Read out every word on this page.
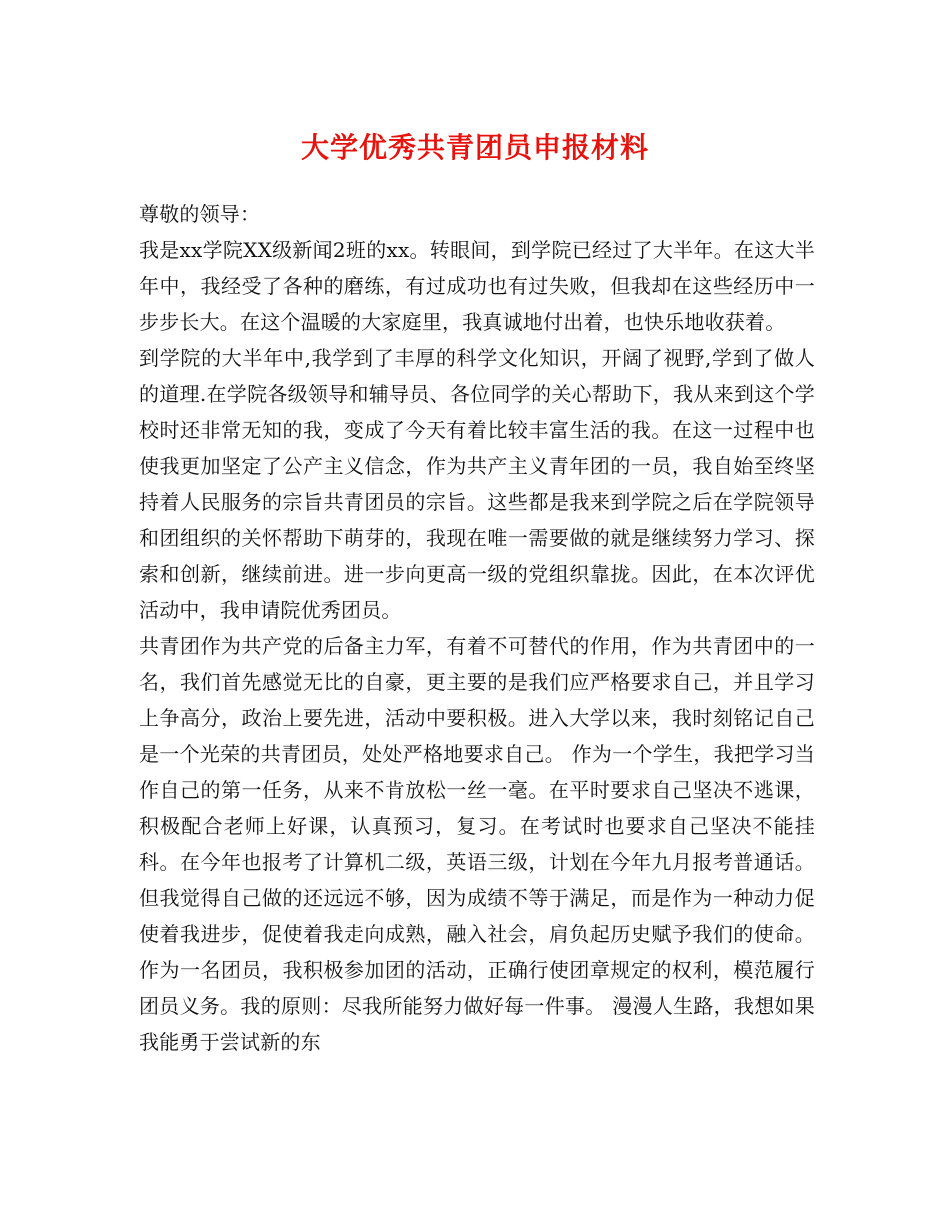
大学优秀共青团员申报材料

尊敬的领导：

我是xx学院XX级新闻2班的xx。转眼间，到学院已经过了大半年。在这大半年中，我经受了各种的磨练，有过成功也有过失败，但我却在这些经历中一步步长大。在这个温暖的大家庭里，我真诚地付出着，也快乐地收获着。

到学院的大半年中,我学到了丰厚的科学文化知识，开阔了视野,学到了做人的道理.在学院各级领导和辅导员、各位同学的关心帮助下，我从来到这个学校时还非常无知的我，变成了今天有着比较丰富生活的我。在这一过程中也使我更加坚定了公产主义信念，作为共产主义青年团的一员，我自始至终坚持着人民服务的宗旨共青团员的宗旨。这些都是我来到学院之后在学院领导和团组织的关怀帮助下萌芽的，我现在唯一需要做的就是继续努力学习、探索和创新，继续前进。进一步向更高一级的党组织靠拢。因此，在本次评优活动中，我申请院优秀团员。

共青团作为共产党的后备主力军，有着不可替代的作用，作为共青团中的一名，我们首先感觉无比的自豪，更主要的是我们应严格要求自己，并且学习上争高分，政治上要先进，活动中要积极。进入大学以来，我时刻铭记自己是一个光荣的共青团员，处处严格地要求自己。 作为一个学生，我把学习当作自己的第一任务，从来不肯放松一丝一毫。在平时要求自己坚决不逃课，积极配合老师上好课，认真预习，复习。在考试时也要求自己坚决不能挂科。在今年也报考了计算机二级，英语三级，计划在今年九月报考普通话。但我觉得自己做的还远远不够，因为成绩不等于满足，而是作为一种动力促使着我进步，促使着我走向成熟，融入社会，肩负起历史赋予我们的使命。作为一名团员，我积极参加团的活动，正确行使团章规定的权利，模范履行团员义务。我的原则：尽我所能努力做好每一件事。 漫漫人生路，我想如果我能勇于尝试新的东
